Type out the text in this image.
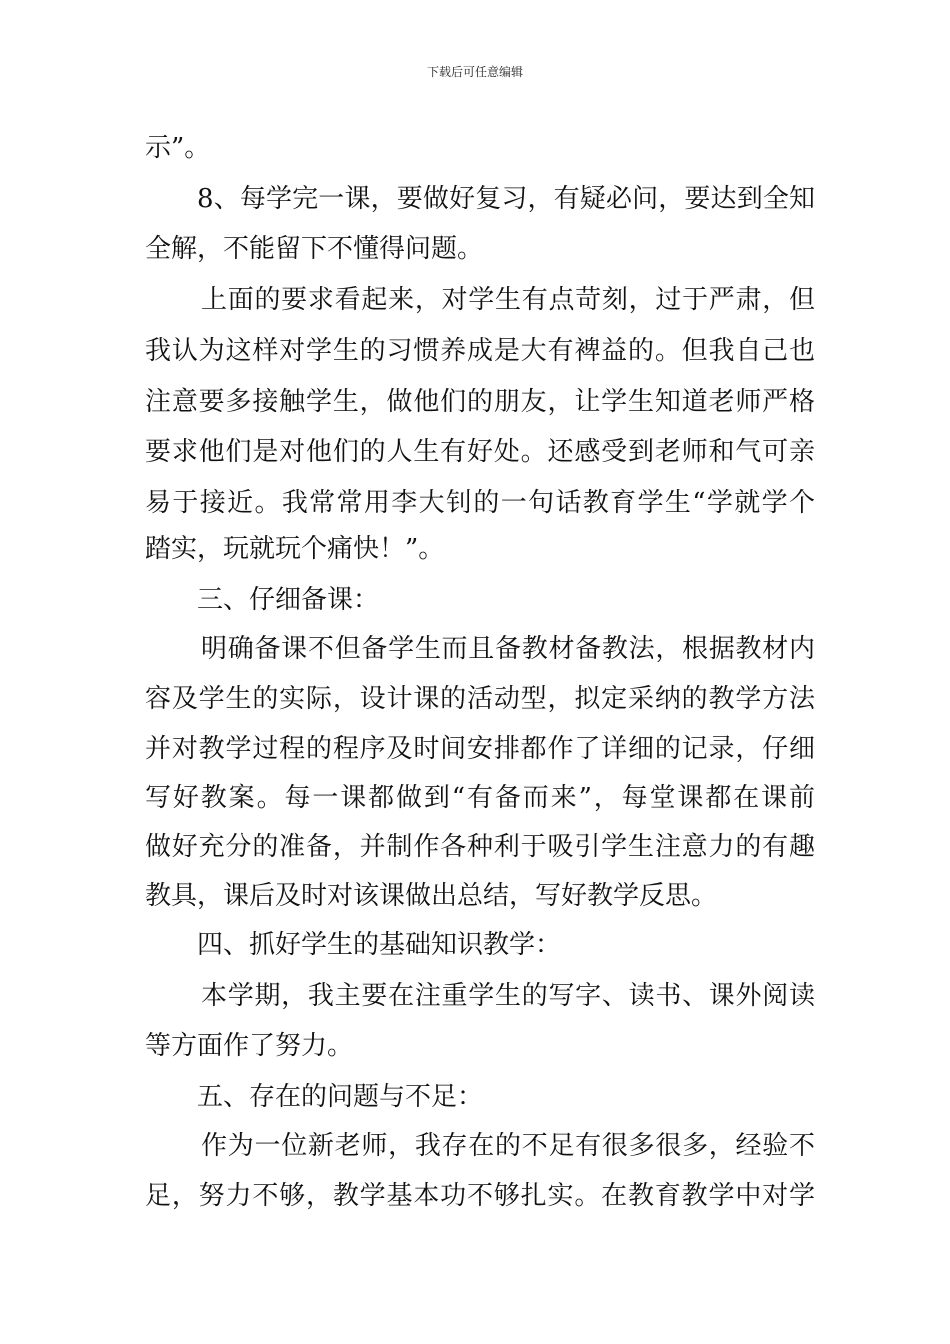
下载后可任意编辑
示”。
8、每学完一课，要做好复习，有疑必问，要达到全知
全解，不能留下不懂得问题。
上面的要求看起来，对学生有点苛刻，过于严肃，但
我认为这样对学生的习惯养成是大有裨益的。但我自己也
注意要多接触学生，做他们的朋友，让学生知道老师严格
要求他们是对他们的人生有好处。还感受到老师和气可亲
易于接近。我常常用李大钊的一句话教育学生“学就学个
踏实，玩就玩个痛快！”。
三、仔细备课：
明确备课不但备学生而且备教材备教法，根据教材内
容及学生的实际，设计课的活动型，拟定采纳的教学方法
并对教学过程的程序及时间安排都作了详细的记录，仔细
写好教案。每一课都做到“有备而来”，每堂课都在课前
做好充分的准备，并制作各种利于吸引学生注意力的有趣
教具，课后及时对该课做出总结，写好教学反思。
四、抓好学生的基础知识教学：
本学期，我主要在注重学生的写字、读书、课外阅读
等方面作了努力。
五、存在的问题与不足：
作为一位新老师，我存在的不足有很多很多，经验不
足，努力不够，教学基本功不够扎实。在教育教学中对学
